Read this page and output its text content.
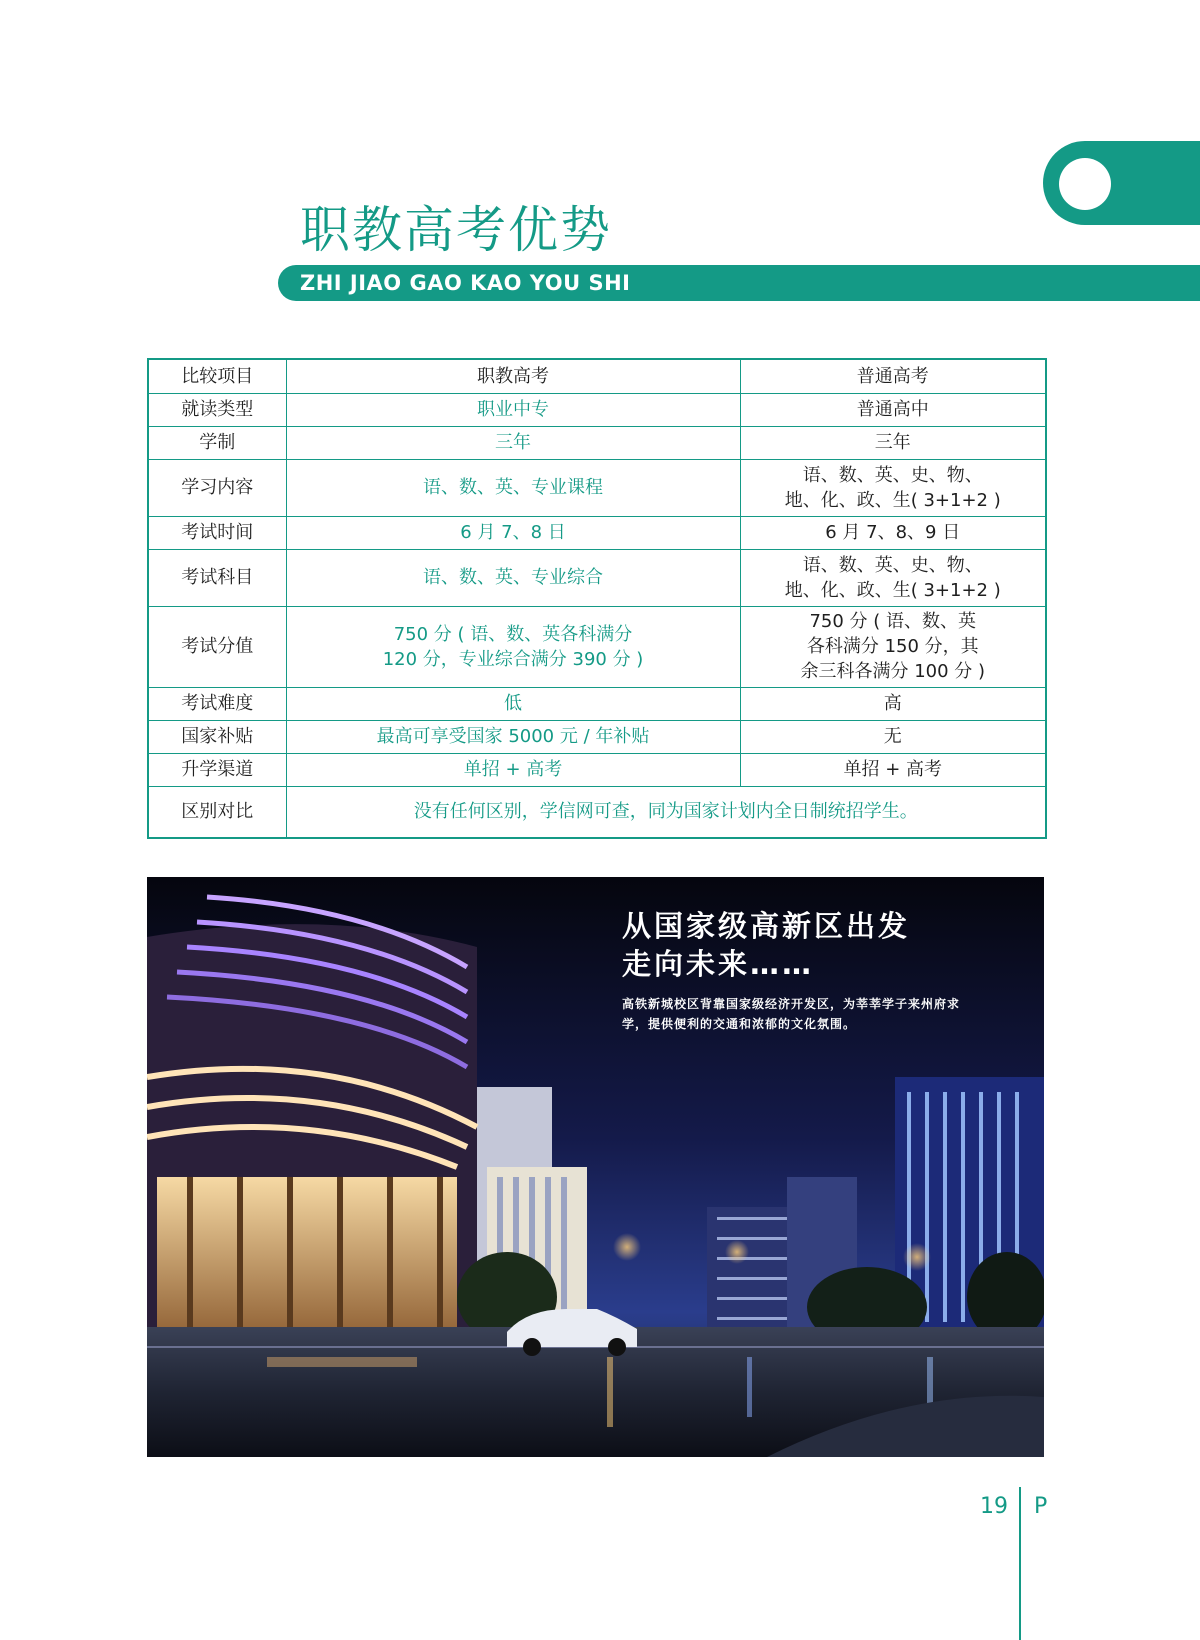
职教高考优势
ZHI JIAO GAO KAO YOU SHI
比较项目	职教高考	普通高考
就读类型	职业中专	普通高中
学制	三年	三年
学习内容	语、数、英、专业课程	语、数、英、史、物、
地、化、政、生( 3+1+2 )
考试时间	6 月 7、8 日	6 月 7、8、9 日
考试科目	语、数、英、专业综合	语、数、英、史、物、
地、化、政、生( 3+1+2 )
考试分值	750 分 ( 语、数、英各科满分
120 分，专业综合满分 390 分 )	750 分 ( 语、数、英
各科满分 150 分，其
余三科各满分 100 分 )
考试难度	低	高
国家补贴	最高可享受国家 5000 元 / 年补贴	无
升学渠道	单招 + 高考	单招 + 高考
区别对比	没有任何区别，学信网可查，同为国家计划内全日制统招学生。	
从国家级高新区出发
走向未来……
高铁新城校区背靠国家级经济开发区，为莘莘学子来州府求
学，提供便利的交通和浓郁的文化氛围。
19 P
